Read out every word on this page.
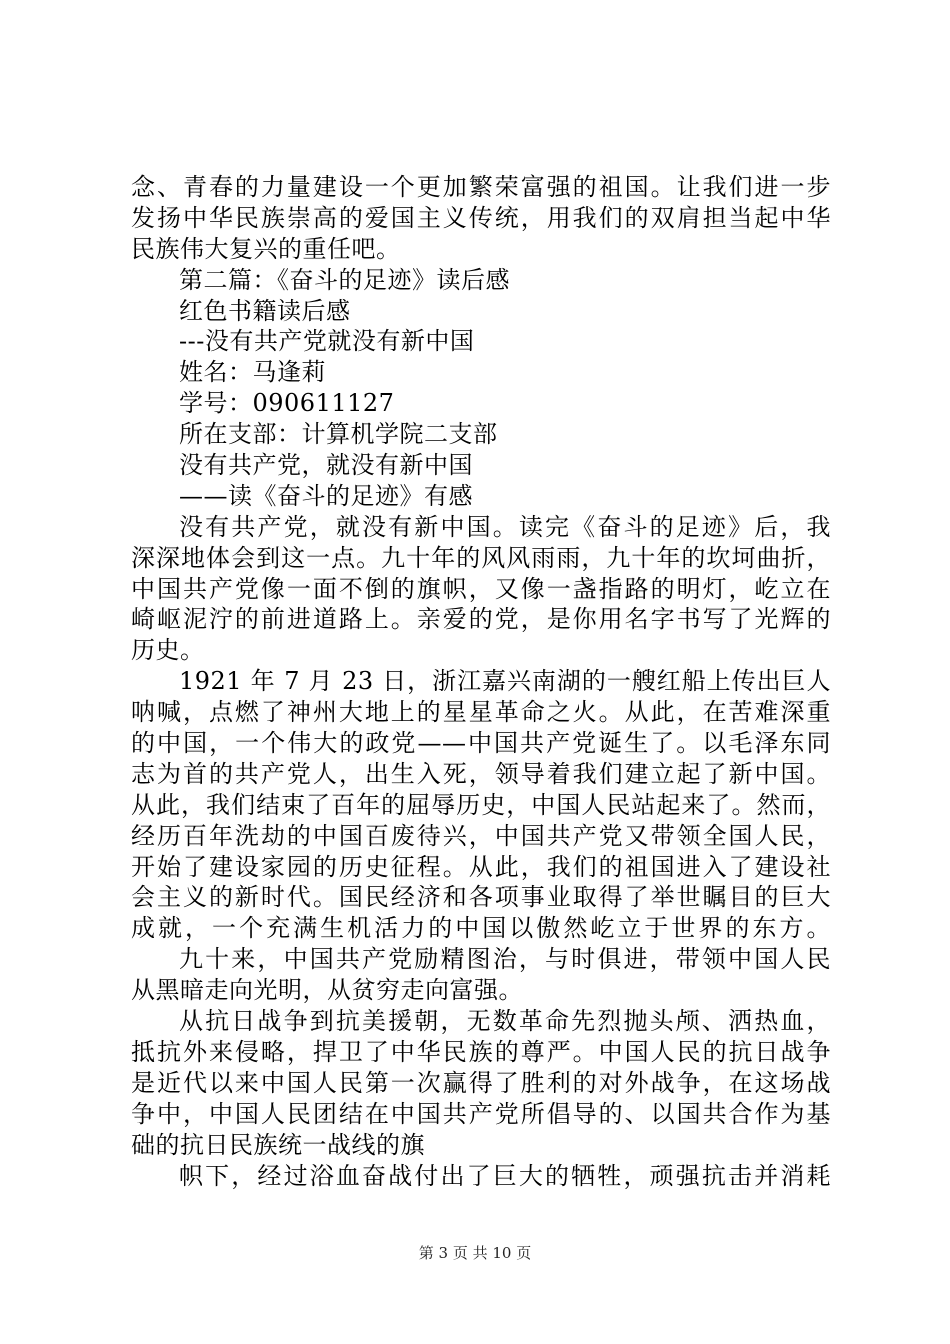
念、青春的力量建设一个更加繁荣富强的祖国。让我们进一步
发扬中华民族崇高的爱国主义传统，用我们的双肩担当起中华
民族伟大复兴的重任吧。
第二篇：《奋斗的足迹》读后感
红色书籍读后感
---没有共产党就没有新中国
姓名：马逢莉
学号：090611127
所在支部：计算机学院二支部
没有共产党，就没有新中国
——读《奋斗的足迹》有感
没有共产党，就没有新中国。读完《奋斗的足迹》后，我
深深地体会到这一点。九十年的风风雨雨，九十年的坎坷曲折，
中国共产党像一面不倒的旗帜，又像一盏指路的明灯，屹立在
崎岖泥泞的前进道路上。亲爱的党，是你用名字书写了光辉的
历史。
1921 年 7 月 23 日，浙江嘉兴南湖的一艘红船上传出巨人
呐喊，点燃了神州大地上的星星革命之火。从此，在苦难深重
的中国，一个伟大的政党——中国共产党诞生了。以毛泽东同
志为首的共产党人，出生入死，领导着我们建立起了新中国。
从此，我们结束了百年的屈辱历史，中国人民站起来了。然而，
经历百年洗劫的中国百废待兴，中国共产党又带领全国人民，
开始了建设家园的历史征程。从此，我们的祖国进入了建设社
会主义的新时代。国民经济和各项事业取得了举世瞩目的巨大
成就，一个充满生机活力的中国以傲然屹立于世界的东方。
九十来，中国共产党励精图治，与时俱进，带领中国人民
从黑暗走向光明，从贫穷走向富强。
从抗日战争到抗美援朝，无数革命先烈抛头颅、洒热血，
抵抗外来侵略，捍卫了中华民族的尊严。中国人民的抗日战争
是近代以来中国人民第一次赢得了胜利的对外战争，在这场战
争中，中国人民团结在中国共产党所倡导的、以国共合作为基
础的抗日民族统一战线的旗
帜下，经过浴血奋战付出了巨大的牺牲，顽强抗击并消耗
第 3 页 共 10 页
